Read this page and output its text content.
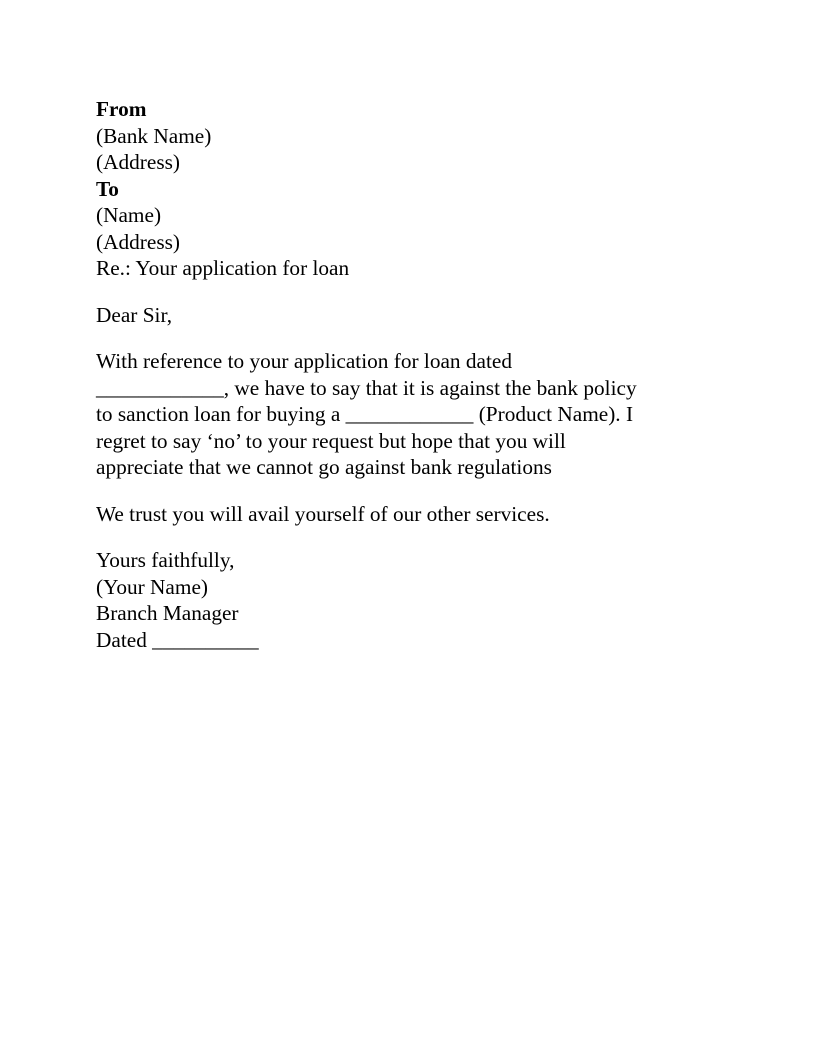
From
(Bank Name)
(Address)
To
(Name)
(Address)
Re.: Your application for loan
Dear Sir,
With reference to your application for loan dated
____________, we have to say that it is against the bank policy
to sanction loan for buying a ____________ (Product Name). I
regret to say ‘no’ to your request but hope that you will
appreciate that we cannot go against bank regulations
We trust you will avail yourself of our other services.
Yours faithfully,
(Your Name)
Branch Manager
Dated __________
